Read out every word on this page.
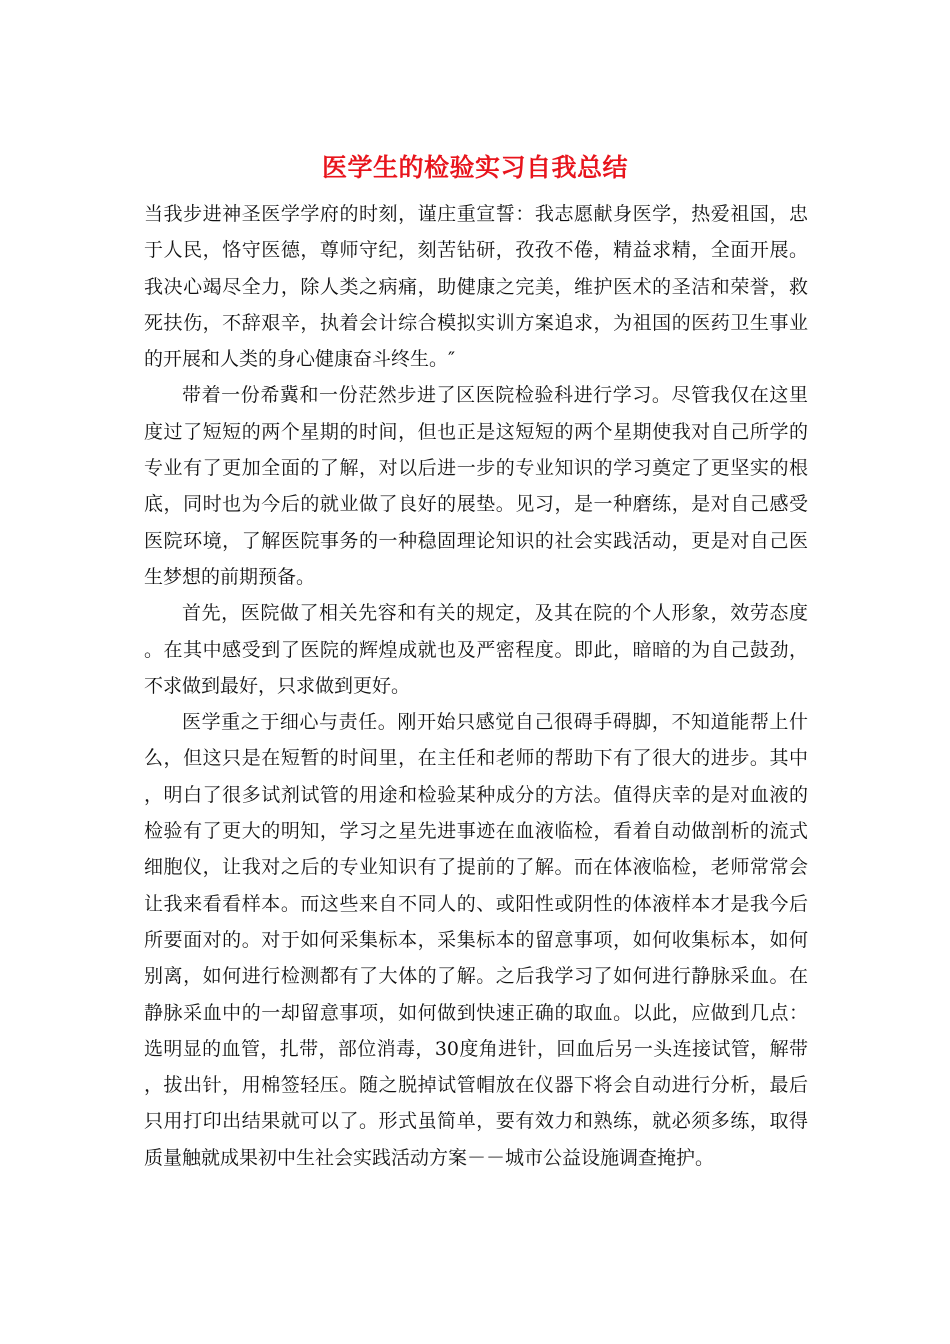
医学生的检验实习自我总结

当我步进神圣医学学府的时刻，谨庄重宣誓：我志愿献身医学，热爱祖国，忠于人民，恪守医德，尊师守纪，刻苦钻研，孜孜不倦，精益求精，全面开展。我决心竭尽全力，除人类之病痛，助健康之完美，维护医术的圣洁和荣誉，救死扶伤，不辞艰辛，执着会计综合模拟实训方案追求，为祖国的医药卫生事业的开展和人类的身心健康奋斗终生。″

带着一份希冀和一份茫然步进了区医院检验科进行学习。尽管我仅在这里度过了短短的两个星期的时间，但也正是这短短的两个星期使我对自己所学的专业有了更加全面的了解，对以后进一步的专业知识的学习奠定了更坚实的根底，同时也为今后的就业做了良好的展垫。见习，是一种磨练，是对自己感受医院环境，了解医院事务的一种稳固理论知识的社会实践活动，更是对自己医生梦想的前期预备。

首先，医院做了相关先容和有关的规定，及其在院的个人形象，效劳态度。在其中感受到了医院的辉煌成就也及严密程度。即此，暗暗的为自己鼓劲，不求做到最好，只求做到更好。

医学重之于细心与责任。刚开始只感觉自己很碍手碍脚，不知道能帮上什么，但这只是在短暂的时间里，在主任和老师的帮助下有了很大的进步。其中，明白了很多试剂试管的用途和检验某种成分的方法。值得庆幸的是对血液的检验有了更大的明知，学习之星先进事迹在血液临检，看着自动做剖析的流式细胞仪，让我对之后的专业知识有了提前的了解。而在体液临检，老师常常会让我来看看样本。而这些来自不同人的、或阳性或阴性的体液样本才是我今后所要面对的。对于如何采集标本，采集标本的留意事项，如何收集标本，如何别离，如何进行检测都有了大体的了解。之后我学习了如何进行静脉采血。在静脉采血中的一却留意事项，如何做到快速正确的取血。以此，应做到几点：选明显的血管，扎带，部位消毒，30度角进针，回血后另一头连接试管，解带，拔出针，用棉签轻压。随之脱掉试管帽放在仪器下将会自动进行分析，最后只用打印出结果就可以了。形式虽简单，要有效力和熟练，就必须多练，取得质量触就成果初中生社会实践活动方案－－城市公益设施调查掩护。
